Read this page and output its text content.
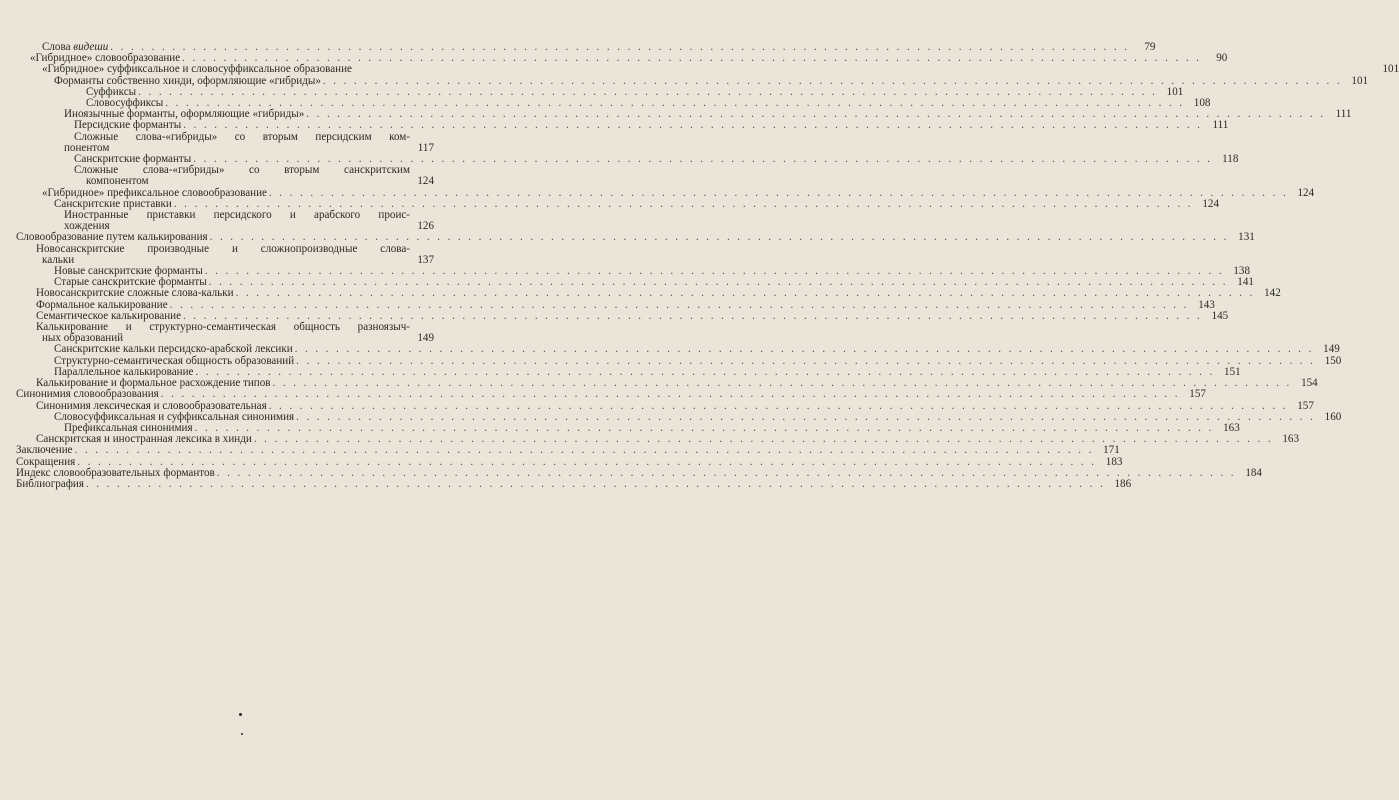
Слова видеши . . .	79
«Гибридное» словообразование . . .	90
«Гибридное» суффиксальное и словосуффиксальное образование	101
Форманты собственно хинди, оформляющие «гибриды» . . .	101
Суффиксы . . .	101
Словосуффиксы . . .	108
Иноязычные форманты, оформляющие «гибриды» . . .	111
Персидские форманты . . .	111
Сложные слова-«гибриды» со вторым персидским ком-
понентом	117
Санскритские форманты . . .	118
Сложные слова-«гибриды» со вторым санскритским
компонентом	124
«Гибридное» префиксальное словообразование . . .	124
Санскритские приставки . . .	124
Иностранные приставки персидского и арабского проис-
хождения	126
Словообразование путем калькирования . . .	131
Новосанскритские производные и сложнопроизводные слова-
кальки	137
Новые санскритские форманты . . .	138
Старые санскритские форманты . . .	141
Новосанскритские сложные слова-кальки . . .	142
Формальное калькирование . . .	143
Семантическое калькирование . . .	145
Калькирование и структурно-семантическая общность разноязыч-
ных образований	149
Санскритские кальки персидско-арабской лексики . . .	149
Структурно-семантическая общность образований . . .	150
Параллельное калькирование . . .	151
Калькирование и формальное расхождение типов . . .	154
Синонимия словообразования . . .	157
Синонимия лексическая и словообразовательная . . .	157
Словосуффиксальная и суффиксальная синонимия . . .	160
Префиксальная синонимия . . .	163
Санскритская и иностранная лексика в хинди . . .	163
Заключение . . .	171
Сокращения . . .	183
Индекс словообразовательных формантов . . .	184
Библиография . . .	186
